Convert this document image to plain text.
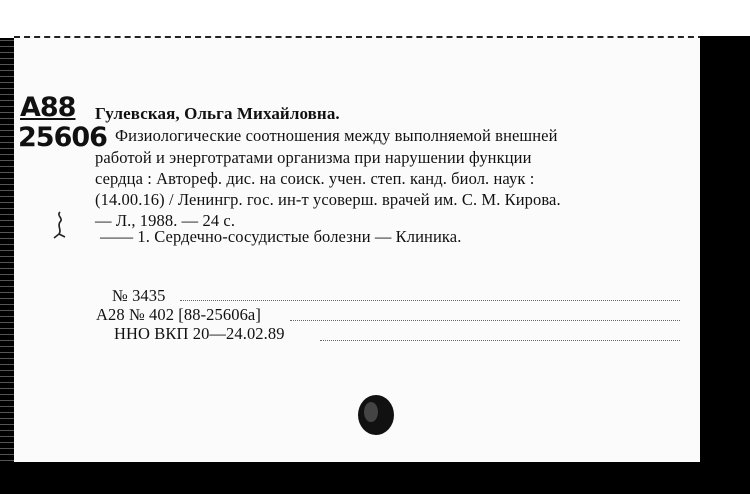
А88
25606
Гулевская, Ольга Михайловна.
Физиологические соотношения между выполняемой внешней
работой и энерготратами организма при нарушении функции
сердца : Автореф. дис. на соиск. учен. степ. канд. биол. наук :
(14.00.16) / Ленингр. гос. ин-т усоверш. врачей им. С. М. Кирова.
— Л., 1988. — 24 с.
—— 1. Сердечно-сосудистые болезни — Клиника.
№ 3435
А28 № 402 [88-25606а]
ННО ВКП 20—24.02.89
